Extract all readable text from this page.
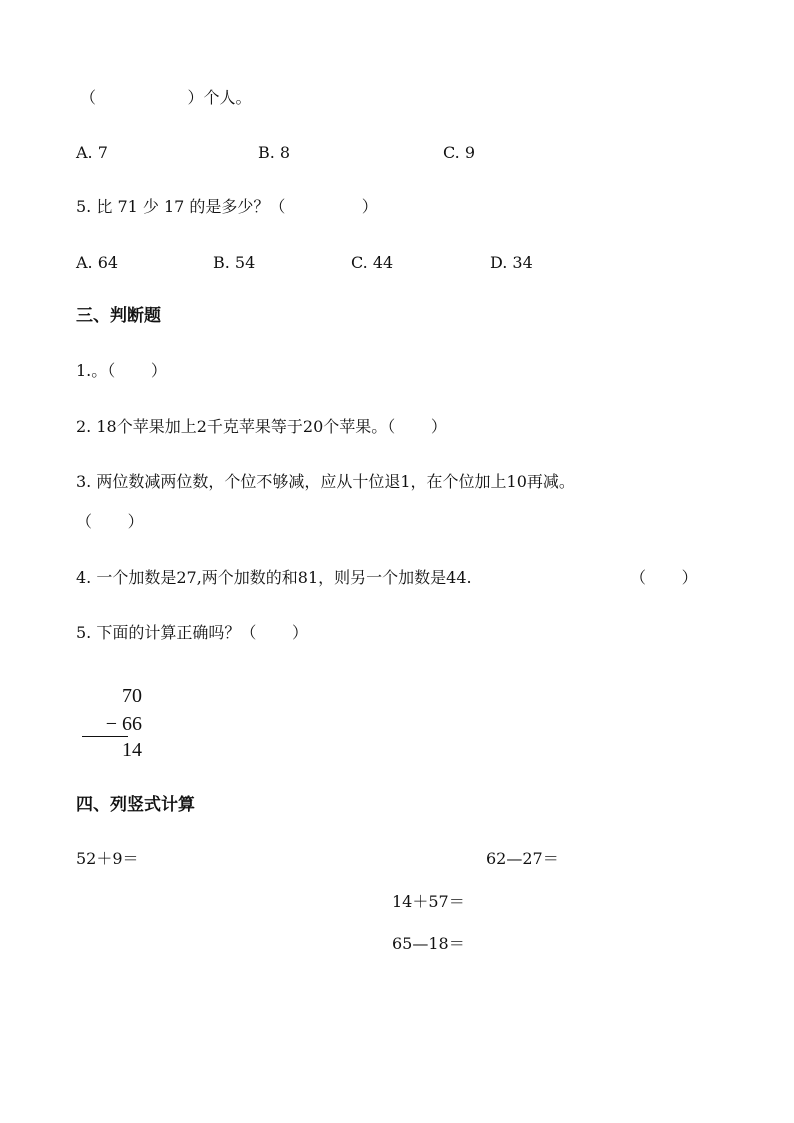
（                  ）个人。
A. 7	B. 8	C. 9
5. 比 71 少 17 的是多少？（               ）
A. 64	B. 54	C. 44	D. 34
三、判断题
1.。（       ）
2. 18个苹果加上2千克苹果等于20个苹果。（       ）
3. 两位数减两位数，个位不够减，应从十位退1，在个位加上10再减。
（       ）
4. 一个加数是27,两个加数的和81，则另一个加数是44.	（       ）
5. 下面的计算正确吗？（       ）
70
− 66
14
四、列竖式计算
52＋9＝	62—27＝
14＋57＝
65—18＝
